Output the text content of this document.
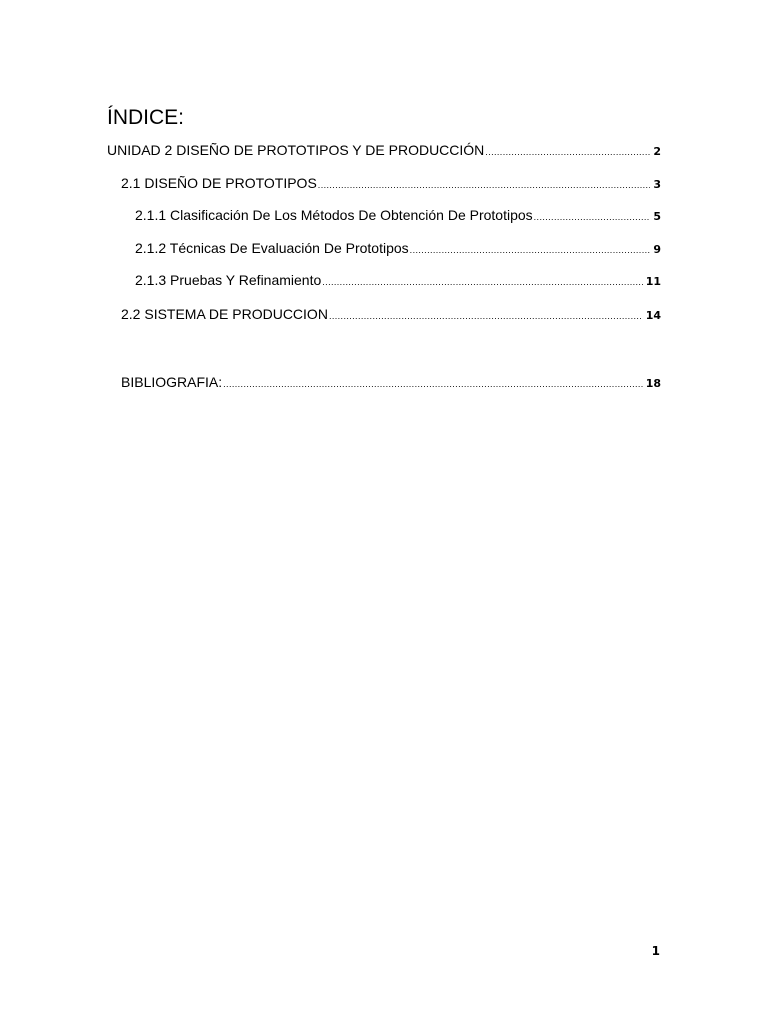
ÍNDICE:
UNIDAD 2 DISEÑO DE PROTOTIPOS Y DE PRODUCCIÓN .....	2
2.1 DISEÑO DE PROTOTIPOS .....	3
2.1.1 Clasificación De Los Métodos De Obtención De Prototipos .....	5
2.1.2 Técnicas De Evaluación De Prototipos .....	9
2.1.3 Pruebas Y Refinamiento .....	11
2.2 SISTEMA DE PRODUCCION .....	14
BIBLIOGRAFIA: .....	18
1
